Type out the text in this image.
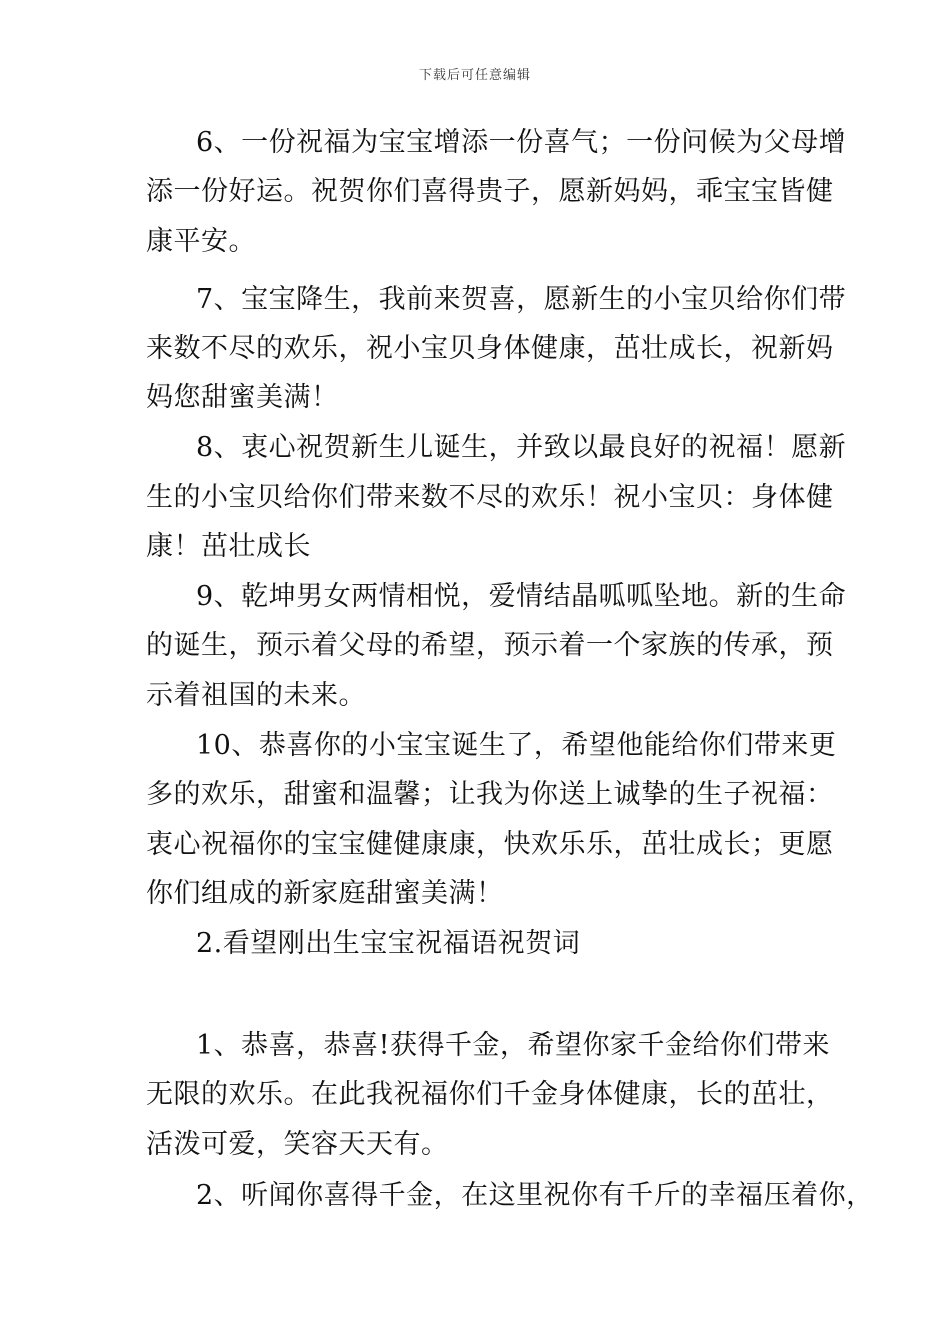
下载后可任意编辑
6、一份祝福为宝宝增添一份喜气；一份问候为父母增
添一份好运。祝贺你们喜得贵子，愿新妈妈，乖宝宝皆健
康平安。
7、宝宝降生，我前来贺喜，愿新生的小宝贝给你们带
来数不尽的欢乐，祝小宝贝身体健康，茁壮成长，祝新妈
妈您甜蜜美满！
8、衷心祝贺新生儿诞生，并致以最良好的祝福！愿新
生的小宝贝给你们带来数不尽的欢乐！祝小宝贝：身体健
康！茁壮成长
9、乾坤男女两情相悦，爱情结晶呱呱坠地。新的生命
的诞生，预示着父母的希望，预示着一个家族的传承，预
示着祖国的未来。
10、恭喜你的小宝宝诞生了，希望他能给你们带来更
多的欢乐，甜蜜和温馨；让我为你送上诚挚的生子祝福：
衷心祝福你的宝宝健健康康，快欢乐乐，茁壮成长；更愿
你们组成的新家庭甜蜜美满！
2.看望刚出生宝宝祝福语祝贺词
1、恭喜，恭喜!获得千金，希望你家千金给你们带来
无限的欢乐。在此我祝福你们千金身体健康，长的茁壮，
活泼可爱，笑容天天有。
2、听闻你喜得千金，在这里祝你有千斤的幸福压着你，
